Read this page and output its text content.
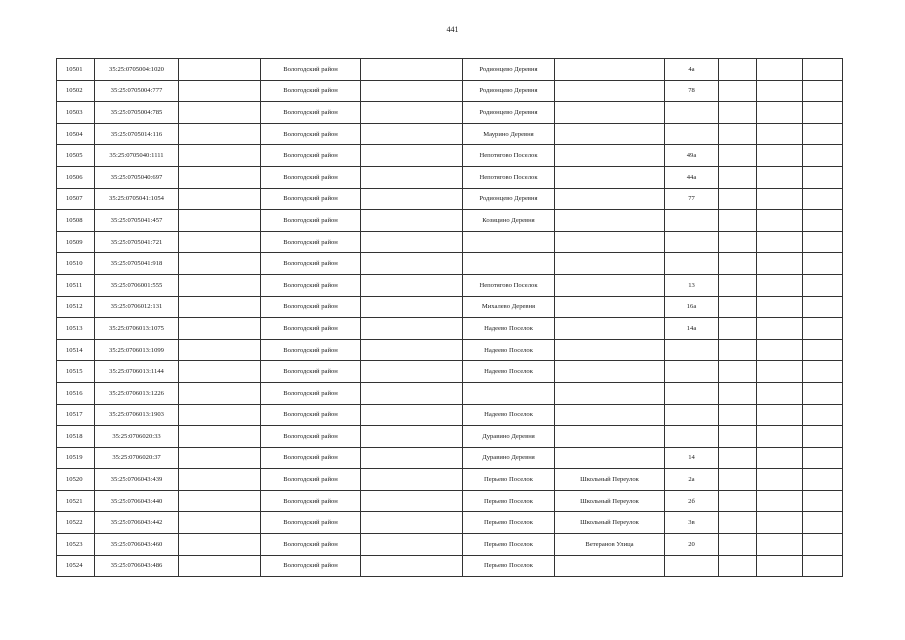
441
10501	35:25:0705004:1020		Вологодский район		Родионцево Деревня		4а			
10502	35:25:0705004:777		Вологодский район		Родионцево Деревня		78			
10503	35:25:0705004:785		Вологодский район		Родионцево Деревня					
10504	35:25:0705014:116		Вологодский район		Маурино Деревня					
10505	35:25:0705040:1111		Вологодский район		Непотягово Поселок		49а			
10506	35:25:0705040:697		Вологодский район		Непотягово Поселок		44а			
10507	35:25:0705041:1054		Вологодский район		Родионцево Деревня		77			
10508	35:25:0705041:457		Вологодский район		Козицино Деревня					
10509	35:25:0705041:721		Вологодский район							
10510	35:25:0705041:918		Вологодский район							
10511	35:25:0706001:555		Вологодский район		Непотягово Поселок		13			
10512	35:25:0706012:131		Вологодский район		Михалево Деревня		16а			
10513	35:25:0706013:1075		Вологодский район		Надеево Поселок		14а			
10514	35:25:0706013:1099		Вологодский район		Надеево Поселок					
10515	35:25:0706013:1144		Вологодский район		Надеево Поселок					
10516	35:25:0706013:1226		Вологодский район							
10517	35:25:0706013:1903		Вологодский район		Надеево Поселок					
10518	35:25:0706020:33		Вологодский район		Дуравино Деревня					
10519	35:25:0706020:37		Вологодский район		Дуравино Деревня		14			
10520	35:25:0706043:439		Вологодский район		Перьево Поселок	Школьный Переулок	2а			
10521	35:25:0706043:440		Вологодский район		Перьево Поселок	Школьный Переулок	2б			
10522	35:25:0706043:442		Вологодский район		Перьево Поселок	Школьный Переулок	3в			
10523	35:25:0706043:460		Вологодский район		Перьево Поселок	Ветеранов Улица	20			
10524	35:25:0706043:486		Вологодский район		Перьево Поселок					
